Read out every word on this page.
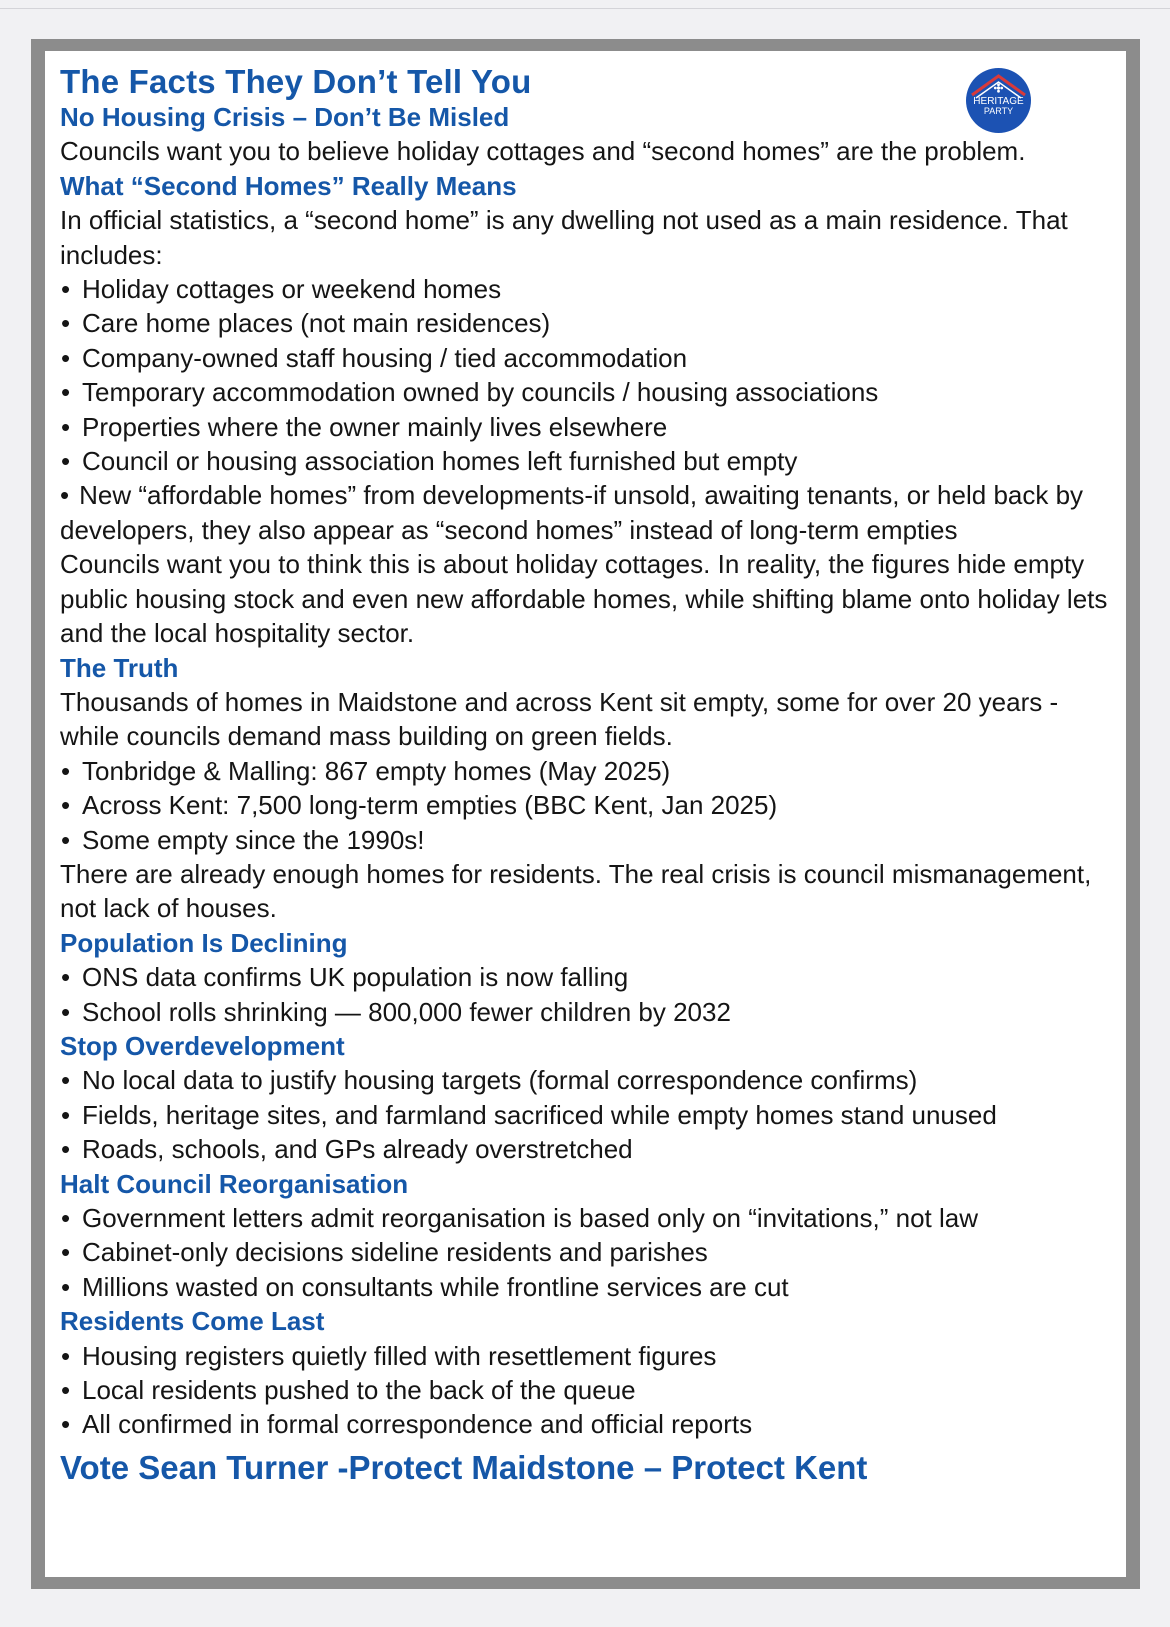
HERITAGE
PARTY
The Facts They Don’t Tell You
No Housing Crisis – Don’t Be Misled

Councils want you to believe holiday cottages and “second homes” are the problem.

What “Second Homes” Really Means

In official statistics, a “second home” is any dwelling not used as a main residence. That includes:

• Holiday cottages or weekend homes
• Care home places (not main residences)
• Company-owned staff housing / tied accommodation
• Temporary accommodation owned by councils / housing associations
• Properties where the owner mainly lives elsewhere
• Council or housing association homes left furnished but empty
• New “affordable homes” from developments-if unsold, awaiting tenants, or held back by developers, they also appear as “second homes” instead of long-term empties

Councils want you to think this is about holiday cottages. In reality, the figures hide empty public housing stock and even new affordable homes, while shifting blame onto holiday lets and the local hospitality sector.

The Truth

Thousands of homes in Maidstone and across Kent sit empty, some for over 20 years - while councils demand mass building on green fields.

• Tonbridge & Malling: 867 empty homes (May 2025)
• Across Kent: 7,500 long-term empties (BBC Kent, Jan 2025)
• Some empty since the 1990s!

There are already enough homes for residents. The real crisis is council mismanagement, not lack of houses.

Population Is Declining
• ONS data confirms UK population is now falling
• School rolls shrinking — 800,000 fewer children by 2032
Stop Overdevelopment
• No local data to justify housing targets (formal correspondence confirms)
• Fields, heritage sites, and farmland sacrificed while empty homes stand unused
• Roads, schools, and GPs already overstretched
Halt Council Reorganisation
• Government letters admit reorganisation is based only on “invitations,” not law
• Cabinet-only decisions sideline residents and parishes
• Millions wasted on consultants while frontline services are cut
Residents Come Last
• Housing registers quietly filled with resettlement figures
• Local residents pushed to the back of the queue
• All confirmed in formal correspondence and official reports
Vote Sean Turner -Protect Maidstone – Protect Kent
